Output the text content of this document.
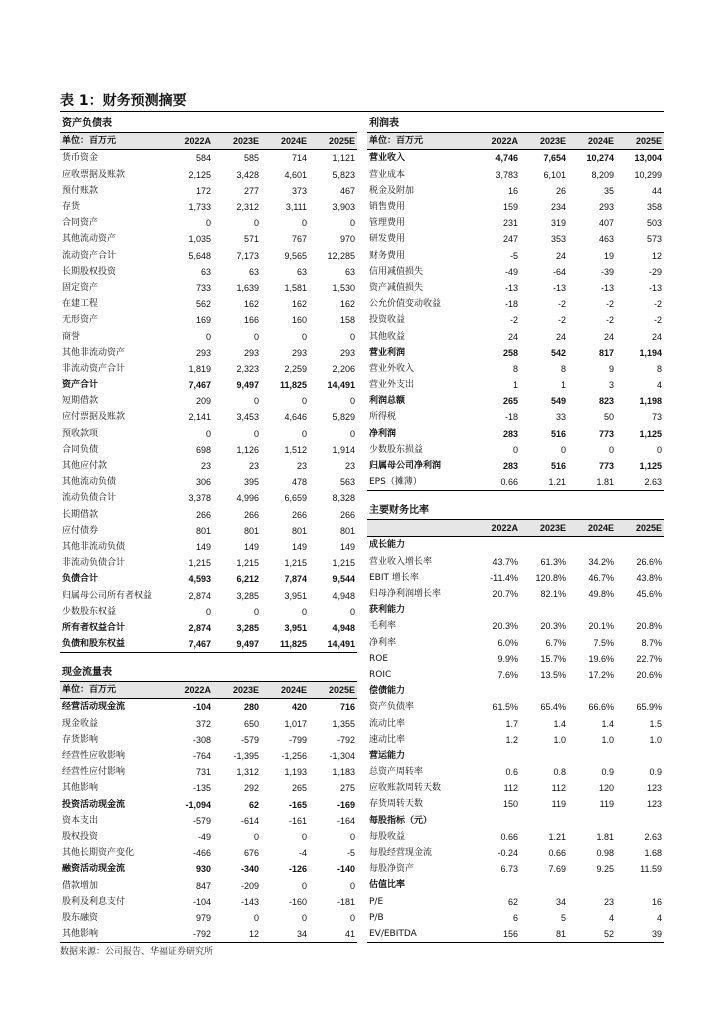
表 1：财务预测摘要
资产负债表				
单位：百万元	2022A	2023E	2024E	2025E
货币资金	584	585	714	1,121
应收票据及账款	2,125	3,428	4,601	5,823
预付账款	172	277	373	467
存货	1,733	2,312	3,111	3,903
合同资产	0	0	0	0
其他流动资产	1,035	571	767	970
流动资产合计	5,648	7,173	9,565	12,285
长期股权投资	63	63	63	63
固定资产	733	1,639	1,581	1,530
在建工程	562	162	162	162
无形资产	169	166	160	158
商誉	0	0	0	0
其他非流动资产	293	293	293	293
非流动资产合计	1,819	2,323	2,259	2,206
资产合计	7,467	9,497	11,825	14,491
短期借款	209	0	0	0
应付票据及账款	2,141	3,453	4,646	5,829
预收款项	0	0	0	0
合同负债	698	1,126	1,512	1,914
其他应付款	23	23	23	23
其他流动负债	306	395	478	563
流动负债合计	3,378	4,996	6,659	8,328
长期借款	266	266	266	266
应付债券	801	801	801	801
其他非流动负债	149	149	149	149
非流动负债合计	1,215	1,215	1,215	1,215
负债合计	4,593	6,212	7,874	9,544
归属母公司所有者权益	2,874	3,285	3,951	4,948
少数股东权益	0	0	0	0
所有者权益合计	2,874	3,285	3,951	4,948
负债和股东权益	7,467	9,497	11,825	14,491
现金流量表				
单位：百万元	2022A	2023E	2024E	2025E
经营活动现金流	-104	280	420	716
现金收益	372	650	1,017	1,355
存货影响	-308	-579	-799	-792
经营性应收影响	-764	-1,395	-1,256	-1,304
经营性应付影响	731	1,312	1,193	1,183
其他影响	-135	292	265	275
投资活动现金流	-1,094	62	-165	-169
资本支出	-579	-614	-161	-164
股权投资	-49	0	0	0
其他长期资产变化	-466	676	-4	-5
融资活动现金流	930	-340	-126	-140
借款增加	847	-209	0	0
股利及利息支付	-104	-143	-160	-181
股东融资	979	0	0	0
其他影响	-792	12	34	41
利润表				
单位：百万元	2022A	2023E	2024E	2025E
营业收入	4,746	7,654	10,274	13,004
营业成本	3,783	6,101	8,209	10,299
税金及附加	16	26	35	44
销售费用	159	234	293	358
管理费用	231	319	407	503
研发费用	247	353	463	573
财务费用	-5	24	19	12
信用减值损失	-49	-64	-39	-29
资产减值损失	-13	-13	-13	-13
公允价值变动收益	-18	-2	-2	-2
投资收益	-2	-2	-2	-2
其他收益	24	24	24	24
营业利润	258	542	817	1,194
营业外收入	8	8	9	8
营业外支出	1	1	3	4
利润总额	265	549	823	1,198
所得税	-18	33	50	73
净利润	283	516	773	1,125
少数股东损益	0	0	0	0
归属母公司净利润	283	516	773	1,125
EPS（摊薄）	0.66	1.21	1.81	2.63
主要财务比率				
	2022A	2023E	2024E	2025E
成长能力				
营业收入增长率	43.7%	61.3%	34.2%	26.6%
EBIT 增长率	-11.4%	120.8%	46.7%	43.8%
归母净利润增长率	20.7%	82.1%	49.8%	45.6%
获利能力				
毛利率	20.3%	20.3%	20.1%	20.8%
净利率	6.0%	6.7%	7.5%	8.7%
ROE	9.9%	15.7%	19.6%	22.7%
ROIC	7.6%	13.5%	17.2%	20.6%
偿债能力				
资产负债率	61.5%	65.4%	66.6%	65.9%
流动比率	1.7	1.4	1.4	1.5
速动比率	1.2	1.0	1.0	1.0
营运能力				
总资产周转率	0.6	0.8	0.9	0.9
应收账款周转天数	112	112	120	123
存货周转天数	150	119	119	123
每股指标（元）				
每股收益	0.66	1.21	1.81	2.63
每股经营现金流	-0.24	0.66	0.98	1.68
每股净资产	6.73	7.69	9.25	11.59
估值比率				
P/E	62	34	23	16
P/B	6	5	4	4
EV/EBITDA	156	81	52	39
数据来源：公司报告、华福证券研究所
